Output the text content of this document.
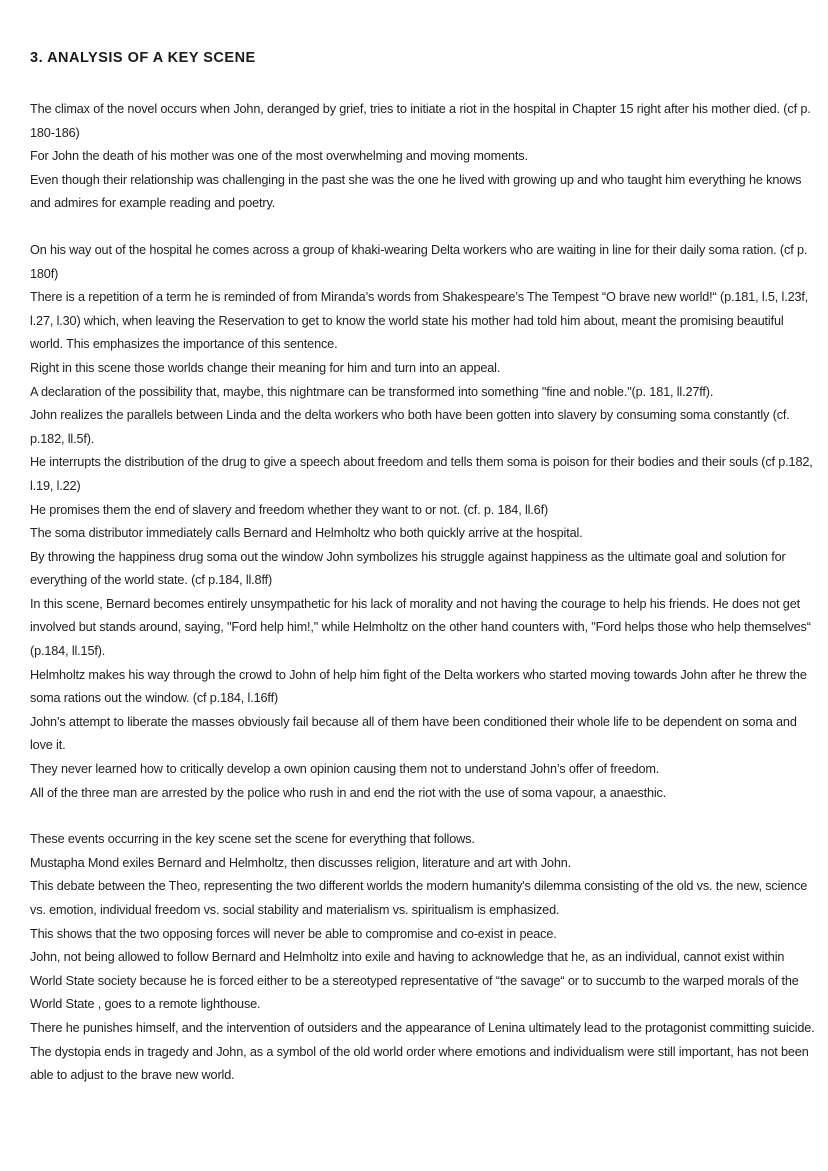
3. ANALYSIS OF A KEY SCENE
The climax of the novel occurs when John, deranged by grief, tries to initiate a riot in the hospital in Chapter 15 right after his mother died. (cf p. 180-186)
For John the death of his mother was one of the most overwhelming and moving moments.
Even though their relationship was challenging in the past she was the one he lived with growing up and who taught him everything he knows and admires for example reading and poetry.
On his way out of the hospital he comes across a group of khaki-wearing Delta workers who are waiting in line for their daily soma ration. (cf p. 180f)
There is a repetition of a term he is reminded of from Miranda’s words from Shakespeare’s The Tempest “O brave new world!“ (p.181, l.5, l.23f, l.27, l.30) which, when leaving the Reservation to get to know the world state his mother had told him about, meant the promising beautiful world. This emphasizes the importance of this sentence.
Right in this scene those worlds change their meaning for him and turn into an appeal.
A declaration of the possibility that, maybe, this nightmare can be transformed into something "fine and noble."(p. 181, ll.27ff).
John realizes the parallels between Linda and the delta workers who both have been gotten into slavery by consuming soma constantly (cf. p.182, ll.5f).
He interrupts the distribution of the drug to give a speech about freedom and tells them soma is poison for their bodies and their souls (cf p.182, l.19, l.22)
He promises them the end of slavery and freedom whether they want to or not. (cf. p. 184, ll.6f)
The soma distributor immediately calls Bernard and Helmholtz who both quickly arrive at the hospital.
By throwing the happiness drug soma out the window John symbolizes his struggle against happiness as the ultimate goal and solution for everything of the world state. (cf p.184, ll.8ff)
In this scene, Bernard becomes entirely unsympathetic for his lack of morality and not having the courage to help his friends. He does not get involved but stands around, saying, "Ford help him!," while Helmholtz on the other hand counters with, "Ford helps those who help themselves“ (p.184, ll.15f).
Helmholtz makes his way through the crowd to John of help him fight of the Delta workers who started moving towards John after he threw the soma rations out the window. (cf p.184, l.16ff)
John’s attempt to liberate the masses obviously fail because all of them have been conditioned their whole life to be dependent on soma and love it.
They never learned how to critically develop a own opinion causing them not to understand John’s offer of freedom.
All of the three man are arrested by the police who rush in and end the riot with the use of soma vapour, a anaesthic.
These events occurring in the key scene set the scene for everything that follows.
Mustapha Mond exiles Bernard and Helmholtz, then discusses religion, literature and art with John.
This debate between the Theo, representing the two different worlds the modern humanity's dilemma consisting of the old vs. the new, science vs. emotion, individual freedom vs. social stability and materialism vs. spiritualism is emphasized.
This shows that the two opposing forces will never be able to compromise and co-exist in peace.
John, not being allowed to follow Bernard and Helmholtz into exile and having to acknowledge that he, as an individual, cannot exist within World State society because he is forced either to be a stereotyped representative of “the savage“ or to succumb to the warped morals of the World State , goes to a remote lighthouse.
There he punishes himself, and the intervention of outsiders and the appearance of Lenina ultimately lead to the protagonist committing suicide.
The dystopia ends in tragedy and John, as a symbol of the old world order where emotions and individualism were still important, has not been able to adjust to the brave new world.
